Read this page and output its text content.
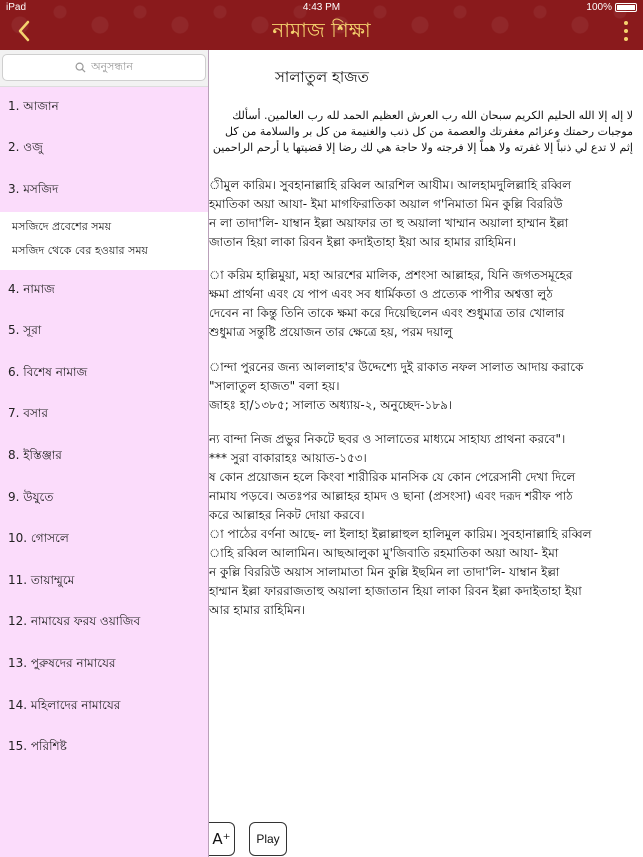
iPad	4:43 PM	100%
নামাজ শিক্ষা
অনুসন্ধান
1. আজান
2. ওজু
3. মসজিদ
মসজিদে প্রবেশের সময়
মসজিদ থেকে বের হওয়ার সময়
4. নামাজ
5. সূরা
6. বিশেষ নামাজ
7. বসার
8. ইস্তিঞ্জার
9. উযুতে
10. গোসলে
11. তায়াম্মুমে
12. নামাযের ফরয ওয়াজিব
13. পুরুষদের নামাযের
14. মহিলাদের নামাযের
15. পরিশিষ্ট
সালাতুল হাজত
لا إله إلا الله الحليم الكريم سبحان الله رب العرش العظيم الحمد لله رب العالمين. أسألك موجبات رحمتك وعزائم مغفرتك والعصمة من كل ذنب والغنيمة من كل بر والسلامة من كل إثم لا تدع لي ذنباً إلا غفرته ولا هماً إلا فرجته ولا حاجة هي لك رضا إلا قضيتها يا أرحم الراحمين
ীমুল কারিম। সুবহানাল্লাহি রব্বিল আরশিল আযীম। আলহামদুলিল্লাহি রব্বিল
হমাতিকা অয়া আযা- ইমা মাগফিরাতিকা অয়াল গ'নিমাতা মিন কুল্লি বিররিউ
ন লা তাদা'লি- যাম্বান ইল্লা অয়াফার তা হু অয়ালা খাম্মান অয়ালা হাম্মান ইল্লা
জাতান হিয়া লাকা রিবন ইল্লা কদাইতাহা ইয়া আর হামার রাহিমিন।
া করিম হাল্লিমুয়া, মহা আরশের মালিক, প্রশংসা আল্লাহর, যিনি জগতসমূহের
ক্ষমা প্রার্থনা এবং যে পাপ এবং সব ধার্মিকতা ও প্রত্যেক পাপীর অশ্বত্তা লুঠ
দেবেন না কিন্তু তিনি তাকে ক্ষমা করে দিয়েছিলেন এবং শুধুমাত্র তার খোলার
শুধুমাত্র সন্তুষ্টি প্রয়োজন তার ক্ষেত্রে হয়, পরম দয়ালু
ান্দা পুরনের জন্য আললাহ'র উদ্দেশ্যে দুই রাকাত নফল সালাত আদায় করাকে
"সালাতুল হাজত" বলা হয়।
জাহঃ হা/১৩৮৫; সালাত অধ্যায়-২, অনুচ্ছেদ-১৮৯।
ন্য বান্দা নিজ প্রভুর নিকটে ছবর ও সালাতের মাধ্যমে সাহায্য প্রাথনা করবে"।
*** সুরা বাকারাহঃ আয়াত-১৫৩।
ষ কোন প্রয়োজন হলে কিংবা শারীরিক মানসিক যে কোন পেরেসানী দেখা দিলে
নামায পড়বে। অতঃপর আল্লাহর হামদ ও ছানা (প্রসংসা) এবং দরূদ শরীফ পাঠ
করে আল্লাহর নিকট দোয়া করবে।
া পাঠের বর্ণনা আছে- লা ইলাহা ইল্লাল্লাহুল হালিমুল কারিম। সুবহানাল্লাহি রব্বিল
াহি রব্বিল আলামিন। আছআলুকা মু'জিবাতি রহমাতিকা অয়া আযা- ইমা
ন কুল্লি বিররিউ অয়াস সালামাতা মিন কুল্লি ইছমিন লা তাদা'লি- যাম্বান ইল্লা
হাম্মান ইল্লা ফাররাজতাহু অয়ালা হাজাতান হিয়া লাকা রিবন ইল্লা কদাইতাহা ইয়া
আর হামার রাহিমিন।
A⁺	Play
